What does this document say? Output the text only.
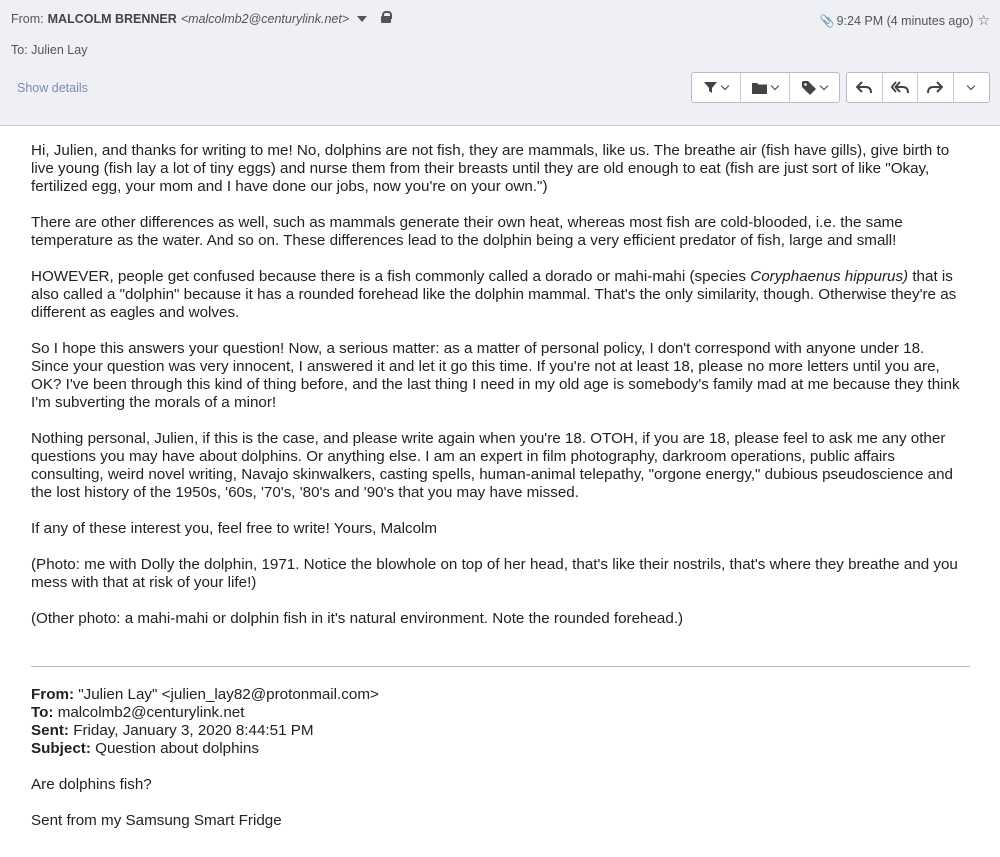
From: MALCOLM BRENNER <malcolmb2@centurylink.net>	📎 9:24 PM (4 minutes ago) ☆
To: Julien Lay
Show details

Hi, Julien, and thanks for writing to me! No, dolphins are not fish, they are mammals, like us. The breathe air (fish have gills), give birth to live young (fish lay a lot of tiny eggs) and nurse them from their breasts until they are old enough to eat (fish are just sort of like "Okay, fertilized egg, your mom and I have done our jobs, now you're on your own.")

There are other differences as well, such as mammals generate their own heat, whereas most fish are cold-blooded, i.e. the same temperature as the water. And so on. These differences lead to the dolphin being a very efficient predator of fish, large and small!

HOWEVER, people get confused because there is a fish commonly called a dorado or mahi-mahi (species Coryphaenus hippurus) that is also called a "dolphin" because it has a rounded forehead like the dolphin mammal. That's the only similarity, though. Otherwise they're as different as eagles and wolves.

So I hope this answers your question! Now, a serious matter: as a matter of personal policy, I don't correspond with anyone under 18. Since your question was very innocent, I answered it and let it go this time. If you're not at least 18, please no more letters until you are, OK? I've been through this kind of thing before, and the last thing I need in my old age is somebody's family mad at me because they think I'm subverting the morals of a minor!

Nothing personal, Julien, if this is the case, and please write again when you're 18. OTOH, if you are 18, please feel to ask me any other questions you may have about dolphins. Or anything else. I am an expert in film photography, darkroom operations, public affairs consulting, weird novel writing, Navajo skinwalkers, casting spells, human-animal telepathy, "orgone energy," dubious pseudoscience and the lost history of the 1950s, '60s, '70's, '80's and '90's that you may have missed.

If any of these interest you, feel free to write! Yours, Malcolm

(Photo: me with Dolly the dolphin, 1971. Notice the blowhole on top of her head, that's like their nostrils, that's where they breathe and you mess with that at risk of your life!)

(Other photo: a mahi-mahi or dolphin fish in it's natural environment. Note the rounded forehead.)

From: "Julien Lay" <julien_lay82@protonmail.com>
To: malcolmb2@centurylink.net
Sent: Friday, January 3, 2020 8:44:51 PM
Subject: Question about dolphins

Are dolphins fish?

Sent from my Samsung Smart Fridge
